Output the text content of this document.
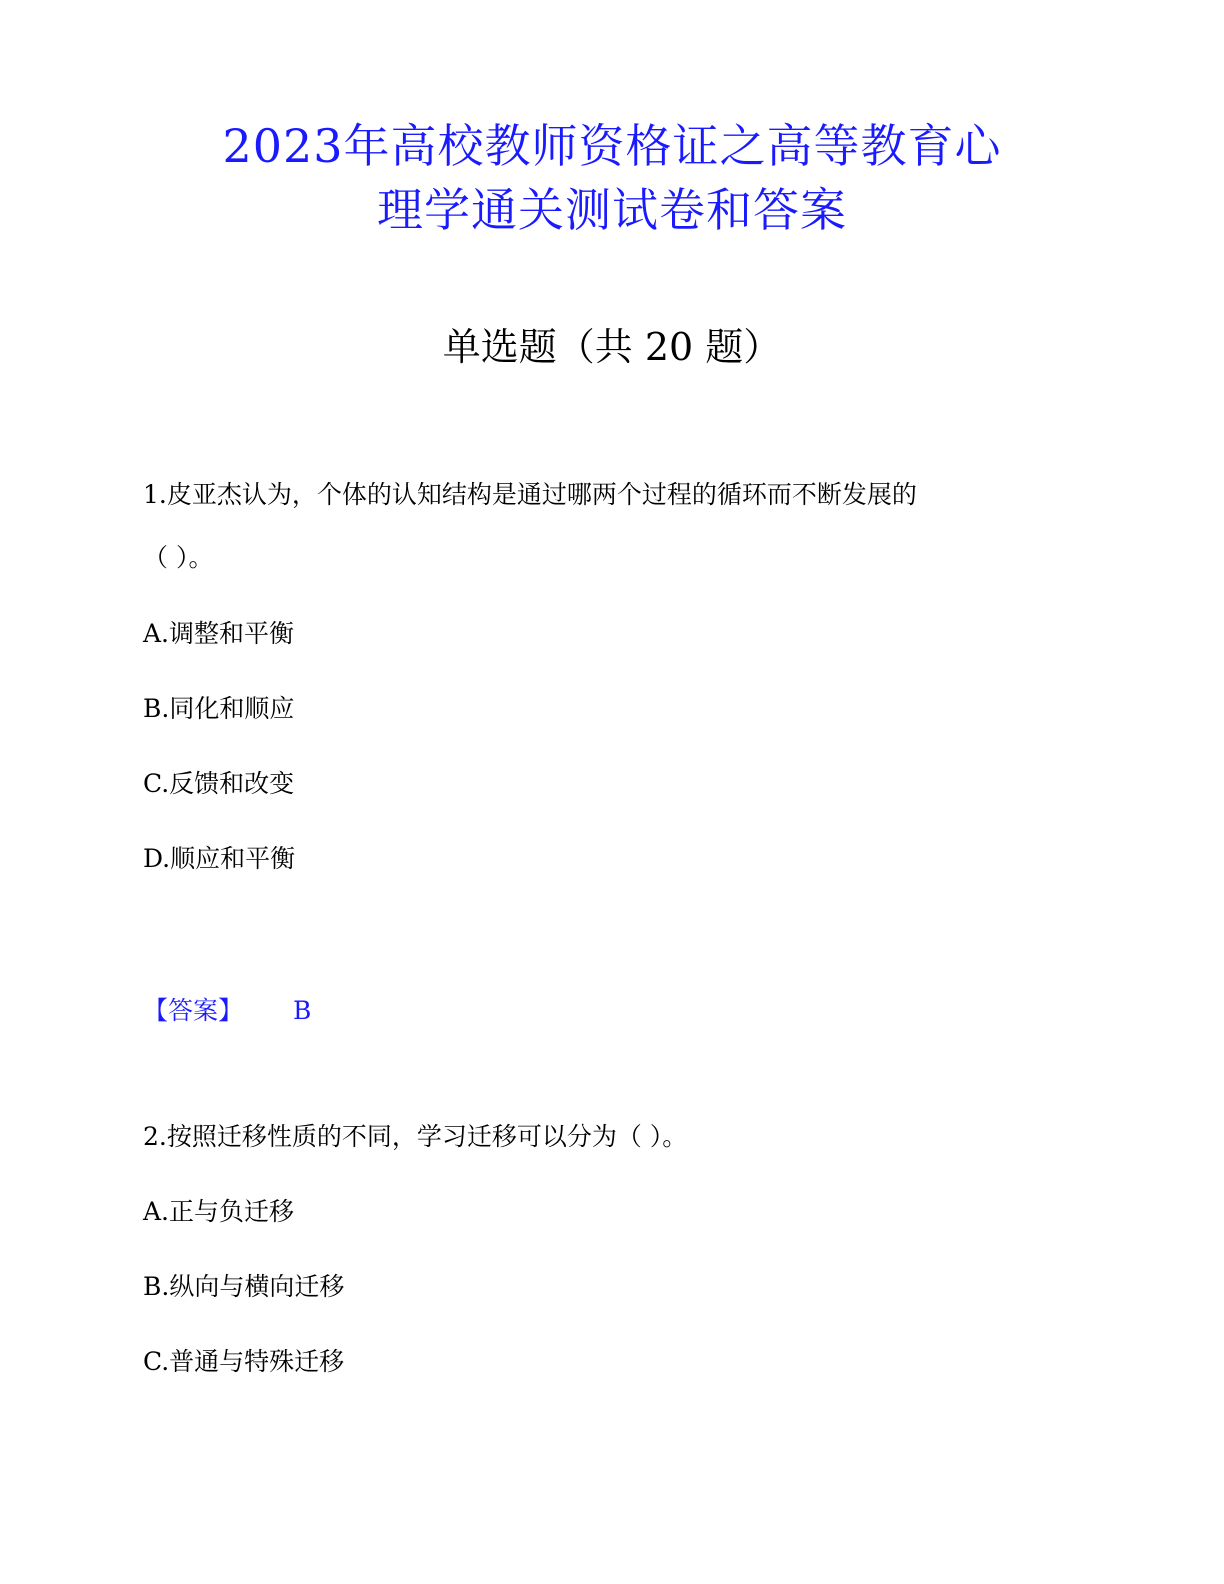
2023年高校教师资格证之高等教育心
理学通关测试卷和答案
单选题（共 20 题）
1.皮亚杰认为，个体的认知结构是通过哪两个过程的循环而不断发展的
（ ）。
A.调整和平衡
B.同化和顺应
C.反馈和改变
D.顺应和平衡
【答案】 B
2.按照迁移性质的不同，学习迁移可以分为（ ）。
A.正与负迁移
B.纵向与横向迁移
C.普通与特殊迁移
